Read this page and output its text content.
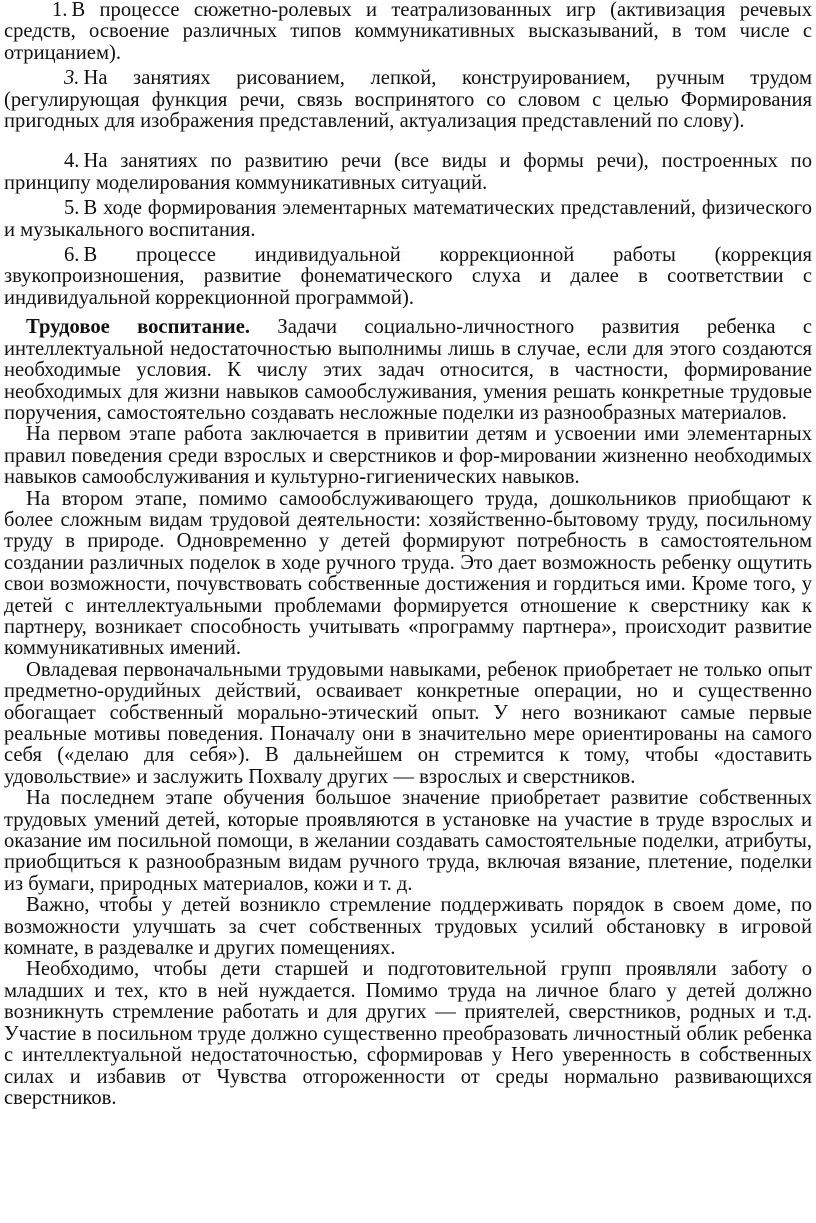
1. В процессе сюжетно-ролевых и театрализованных игр (активизация речевых средств, освоение различных типов коммуникативных высказываний, в том числе с отрицанием).

3. На занятиях рисованием, лепкой, конструированием, ручным трудом (регулирующая функция речи, связь воспринятого со словом с целью Формирования пригодных для изображения представлений, актуализация представлений по слову).

4. На занятиях по развитию речи (все виды и формы речи), построенных по принципу моделирования коммуникативных ситуаций.

5. В ходе формирования элементарных математических представлений, физического и музыкального воспитания.

6. В процессе индивидуальной коррекционной работы (коррекция звукопроизношения, развитие фонематического слуха и далее в соответствии с индивидуальной коррекционной программой).

Трудовое воспитание. Задачи социально-личностного развития ребенка с интеллектуальной недостаточностью выполнимы лишь в случае, если для этого создаются необходимые условия. К числу этих задач относится, в частности, формирование необходимых для жизни навыков самообслуживания, умения решать конкретные трудовые поручения, самостоятельно создавать несложные поделки из разнообразных материалов.

На первом этапе работа заключается в привитии детям и усвоении ими элементарных правил поведения среди взрослых и сверстников и фор-мировании жизненно необходимых навыков самообслуживания и культурно-гигиенических навыков.

На втором этапе, помимо самообслуживающего труда, дошкольников приобщают к более сложным видам трудовой деятельности: хозяйственно-бытовому труду, посильному труду в природе. Одновременно у детей формируют потребность в самостоятельном создании различных поделок в ходе ручного труда. Это дает возможность ребенку ощутить свои возможности, почувствовать собственные достижения и гордиться ими. Кроме того, у детей с интеллектуальными проблемами формируется отношение к сверстнику как к партнеру, возникает способность учитывать «программу партнера», происходит развитие коммуникативных имений.

Овладевая первоначальными трудовыми навыками, ребенок приобретает не только опыт предметно-орудийных действий, осваивает конкретные операции, но и существенно обогащает собственный морально-этический опыт. У него возникают самые первые реальные мотивы поведения. Поначалу они в значительно мере ориентированы на самого себя («делаю для себя»). В дальнейшем он стремится к тому, чтобы «доставить удовольствие» и заслужить Похвалу других — взрослых и сверстников.

На последнем этапе обучения большое значение приобретает развитие собственных трудовых умений детей, которые проявляются в установке на участие в труде взрослых и оказание им посильной помощи, в желании создавать самостоятельные поделки, атрибуты, приобщиться к разнообразным видам ручного труда, включая вязание, плетение, поделки из бумаги, природных материалов, кожи и т. д.

Важно, чтобы у детей возникло стремление поддерживать порядок в своем доме, по возможности улучшать за счет собственных трудовых усилий обстановку в игровой комнате, в раздевалке и других помещениях.

Необходимо, чтобы дети старшей и подготовительной групп проявляли заботу о младших и тех, кто в ней нуждается. Помимо труда на личное благо у детей должно возникнуть стремление работать и для других — приятелей, сверстников, родных и т.д. Участие в посильном труде должно существенно преобразовать личностный облик ребенка с интеллектуальной недостаточностью, сформировав у Него уверенность в собственных силах и избавив от Чувства отгороженности от среды нормально развивающихся сверстников.
